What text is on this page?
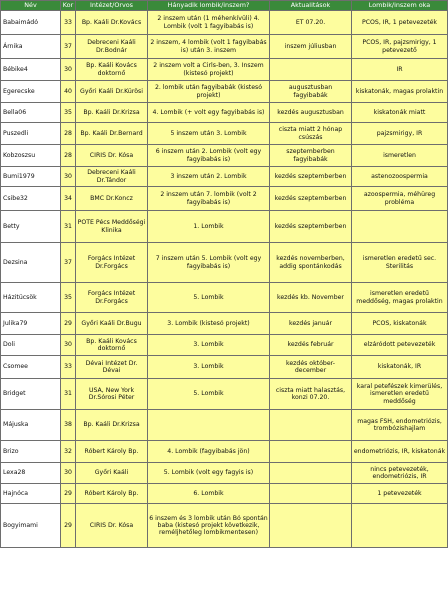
Név	Kor	Intézet/Orvos	Hányadik lombik/inszem?	Aktualitások	Lombik/inszem oka
Babaimádó	33	Bp. Kaáli Dr.Kovács	2 inszem után (1 méhenkívüli) 4. Lombik (volt 1 fagyibabás is)	ET 07.20.	PCOS, IR, 1 petevezeték
Árnika	37	Debreceni Kaáli Dr.Bodnár	2 inszem, 4 lombik (volt 1 fagyibabás is) után 3. inszem	inszem júliusban	PCOS, IR, pajzsmirigy, 1 petevezető
Bébike4	30	Bp. Kaáli Kovács doktornő	2 inszem volt a Cirls-ben, 3. Inszem (kistesó projekt)		IR
Egerecske	40	Győri Kaáli Dr.Kürösi	2. lombik után fagyibabák (kistesó projekt)	augusztusban fagyibabák	kiskatonák, magas prolaktin
Bella06	35	Bp. Kaáli Dr.Krizsa	4. Lombik (+ volt egy fagyibabás is)	kezdés augusztusban	kiskatonák miatt
Puszedli	28	Bp. Kaáli Dr.Bernard	5 inszem után 3. Lombik	ciszta miatt 2 hónap csúszás	pajzsmirigy, IR
Kobzoszsu	28	CIRIS Dr. Kósa	6 inszem után 2. Lombik (volt egy fagyibabás is)	szeptemberben fagyibabák	ismeretlen
Bumi1979	30	Debreceni Kaáli Dr.Tándor	3 inszem után 2. Lombik	kezdés szeptemberben	astenozoospermia
Csibe32	34	BMC Dr.Koncz	2 inszem után 7. lombik (volt 2 fagyibabás is)	kezdés szeptemberben	azoospermia, méhüreg probléma
Betty	31	POTE Pécs Meddőségi Klinika	1. Lombik	kezdés szeptemberben	
Dezsina	37	Forgács Intézet Dr.Forgács	7 inszem után 5. Lombik (volt egy fagyibabás is)	kezdés novemberben, addig spontánkodás	ismeretlen eredetű sec. Sterilitás
Házitücsök	35	Forgács Intézet Dr.Forgács	5. Lombik	kezdés kb. November	ismeretlen eredetű meddőség, magas prolaktin
Julika79	29	Győri Kaáli Dr.Bugu	3. Lombik (kistesó projekt)	kezdés január	PCOS, kiskatonák
Doli	30	Bp. Kaáli Kovács doktornő	3. Lombik	kezdés február	elzáródott petevezeték
Csomee	33	Dévai Intézet Dr. Dévai	3. Lombik	kezdés október-december	kiskatonák, IR
Bridget	31	USA, New York Dr.Sórosi Péter	5. Lombik	ciszta miatt halasztás, konzi 07.20.	karal petefészek kimerülés, ismeretlen eredetű meddőség
Májuska	38	Bp. Kaáli Dr.Krizsa			magas FSH, endometriózis, trombózishajlam
Brizo	32	Róbert Károly Bp.	4. Lombik (fagyibabás jön)		endometriózis, IR, kiskatonák
Lexa28	30	Győri Kaáli	5. Lombik (volt egy fagyis is)		nincs petevezeték, endometriózis, IR
Hajnóca	29	Róbert Károly Bp.	6. Lombik		1 petevezeték
Bogyimami	29	CIRIS Dr. Kósa	6 inszem és 3 lombik után Bó spontán baba (kistesó projekt következik, reméljhetőleg lombikmentesen)		
